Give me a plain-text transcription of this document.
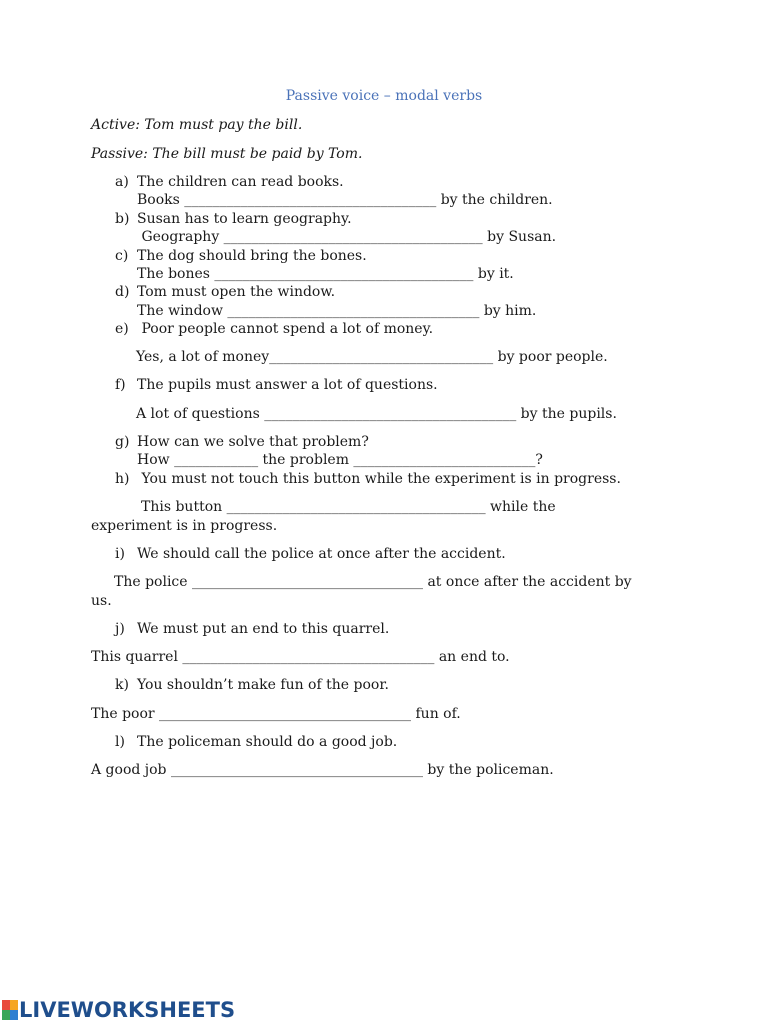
Passive voice – modal verbs
Active: Tom must pay the bill.
Passive: The bill must be paid by Tom.
a) The children can read books.
Books ____________________________________ by the children.
b) Susan has to learn geography.
Geography _____________________________________ by Susan.
c) The dog should bring the bones.
The bones _____________________________________ by it.
d) Tom must open the window.
The window ____________________________________ by him.
e) Poor people cannot spend a lot of money.
Yes, a lot of money________________________________ by poor people.
f) The pupils must answer a lot of questions.
A lot of questions ____________________________________ by the pupils.
g) How can we solve that problem?
How ____________ the problem __________________________?
h) You must not touch this button while the experiment is in progress.
This button _____________________________________ while the
experiment is in progress.
i) We should call the police at once after the accident.
The police _________________________________ at once after the accident by
us.
j) We must put an end to this quarrel.
This quarrel ____________________________________ an end to.
k) You shouldn’t make fun of the poor.
The poor ____________________________________ fun of.
l) The policeman should do a good job.
A good job ____________________________________ by the policeman.
LIVEWORKSHEETS
